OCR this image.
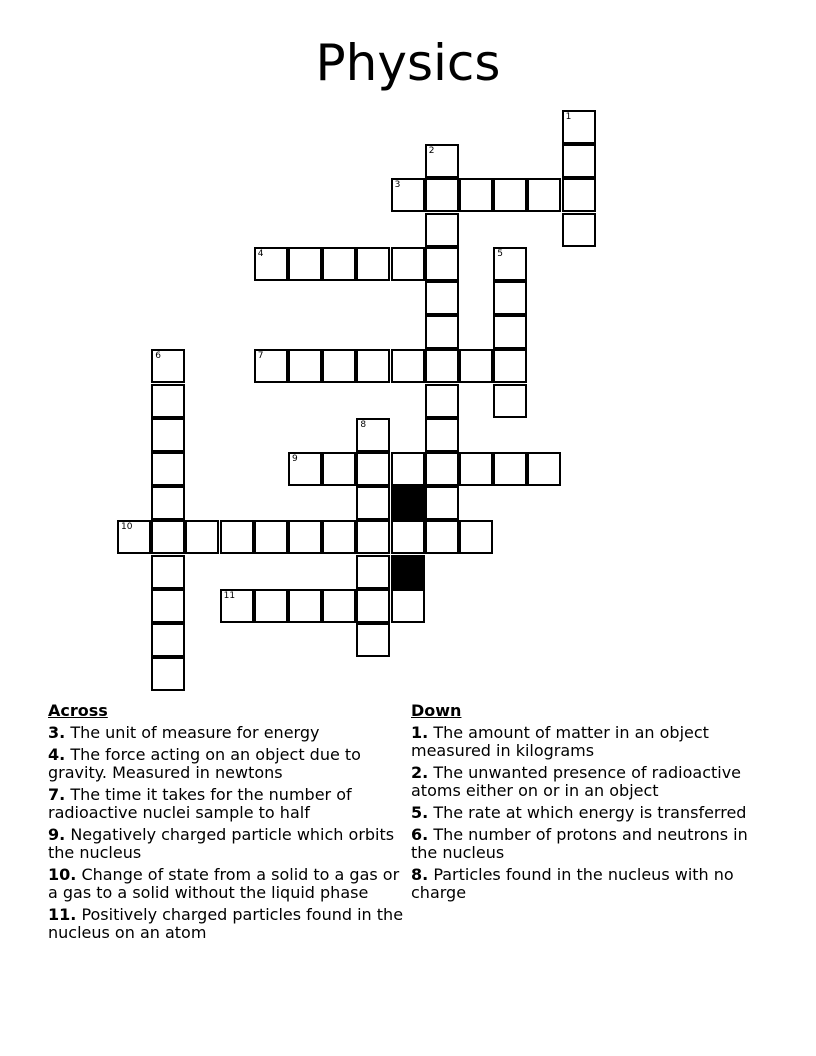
Physics
1
2
3
4	5
6	7
8
9
10
11
Across
3. The unit of measure for energy
4. The force acting on an object due to gravity. Measured in newtons
7. The time it takes for the number of radioactive nuclei sample to half
9. Negatively charged particle which orbits the nucleus
10. Change of state from a solid to a gas or a gas to a solid without the liquid phase
11. Positively charged particles found in the nucleus on an atom
Down
1. The amount of matter in an object measured in kilograms
2. The unwanted presence of radioactive atoms either on or in an object
5. The rate at which energy is transferred
6. The number of protons and neutrons in the nucleus
8. Particles found in the nucleus with no charge
